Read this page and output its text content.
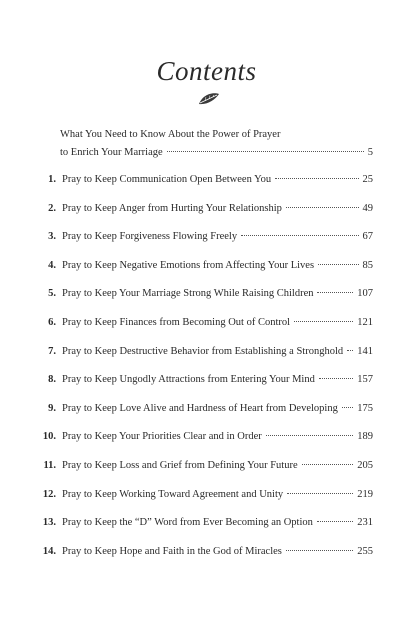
Contents
What You Need to Know About the Power of Prayer
to Enrich Your Marriage	5
1. Pray to Keep Communication Open Between You	25
2. Pray to Keep Anger from Hurting Your Relationship	49
3. Pray to Keep Forgiveness Flowing Freely	67
4. Pray to Keep Negative Emotions from Affecting Your Lives	85
5. Pray to Keep Your Marriage Strong While Raising Children	107
6. Pray to Keep Finances from Becoming Out of Control	121
7. Pray to Keep Destructive Behavior from Establishing a Stronghold 141
8. Pray to Keep Ungodly Attractions from Entering Your Mind	157
9. Pray to Keep Love Alive and Hardness of Heart from Developing 175
10. Pray to Keep Your Priorities Clear and in Order	189
11. Pray to Keep Loss and Grief from Defining Your Future	205
12. Pray to Keep Working Toward Agreement and Unity	219
13. Pray to Keep the “D” Word from Ever Becoming an Option	231
14. Pray to Keep Hope and Faith in the God of Miracles	255
